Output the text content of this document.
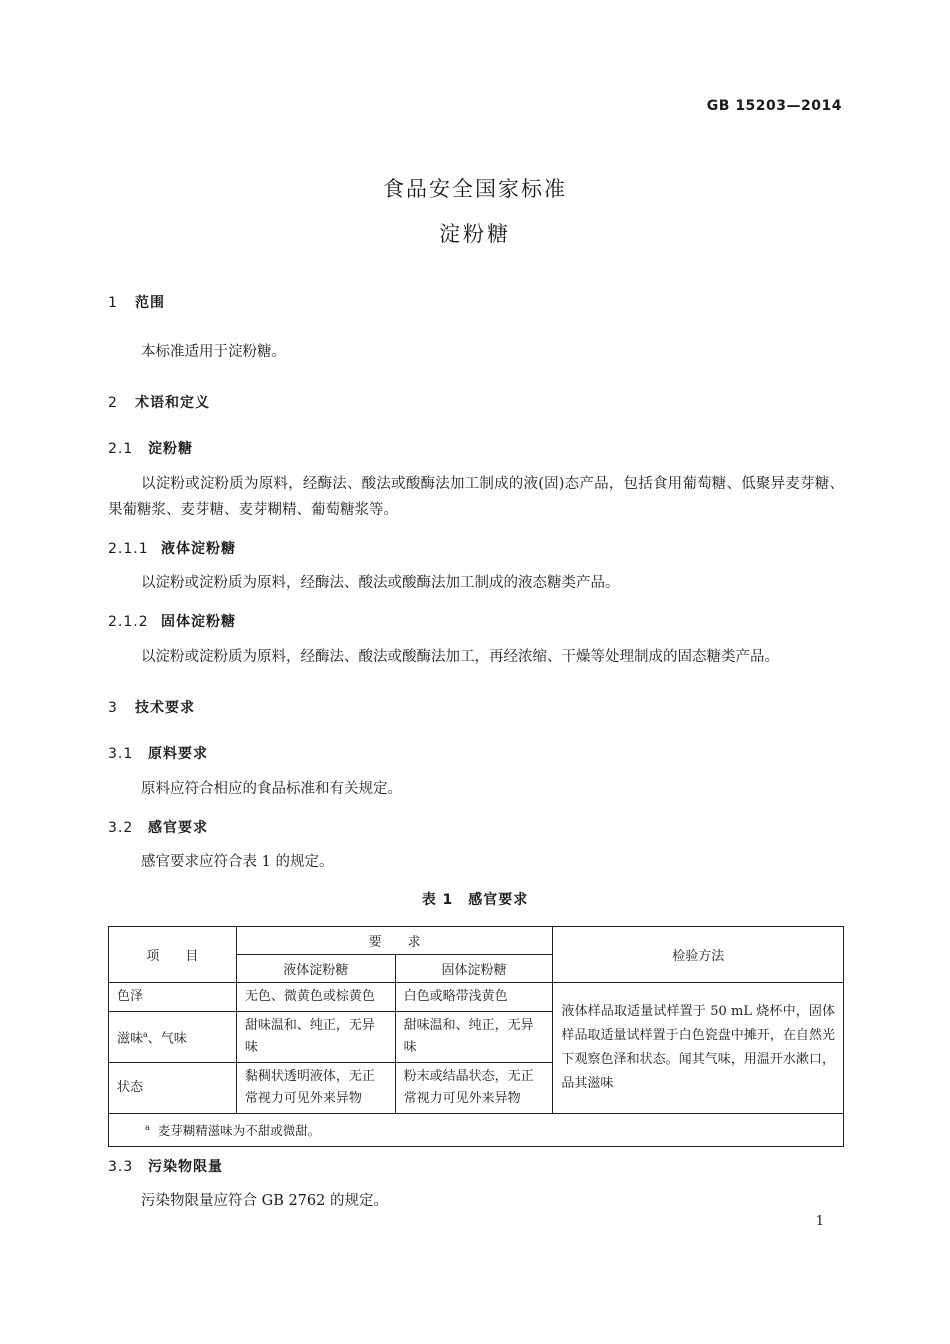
GB 15203—2014
食品安全国家标准
淀粉糖
1 范围
本标准适用于淀粉糖。
2 术语和定义
2.1 淀粉糖
以淀粉或淀粉质为原料，经酶法、酸法或酸酶法加工制成的液(固)态产品，包括食用葡萄糖、低聚异麦芽糖、果葡糖浆、麦芽糖、麦芽糊精、葡萄糖浆等。
2.1.1 液体淀粉糖
以淀粉或淀粉质为原料，经酶法、酸法或酸酶法加工制成的液态糖类产品。
2.1.2 固体淀粉糖
以淀粉或淀粉质为原料，经酶法、酸法或酸酶法加工，再经浓缩、干燥等处理制成的固态糖类产品。
3 技术要求
3.1 原料要求
原料应符合相应的食品标准和有关规定。
3.2 感官要求
感官要求应符合表 1 的规定。
表 1　感官要求
项　　目	要　　求		检验方法
	液体淀粉糖	固体淀粉糖	
色泽	无色、微黄色或棕黄色	白色或略带浅黄色	液体样品取适量试样置于 50 mL 烧杯中，固体样品取适量试样置于白色瓷盘中摊开，在自然光下观察色泽和状态。闻其气味，用温开水漱口，品其滋味
滋味$^a$、气味	甜味温和、纯正，无异味	甜味温和、纯正，无异味	
状态	黏稠状透明液体，无正常视力可见外来异物	粉末或结晶状态，无正常视力可见外来异物	
$^a$ 麦芽糊精滋味为不甜或微甜。			
3.3 污染物限量
污染物限量应符合 GB 2762 的规定。
1
